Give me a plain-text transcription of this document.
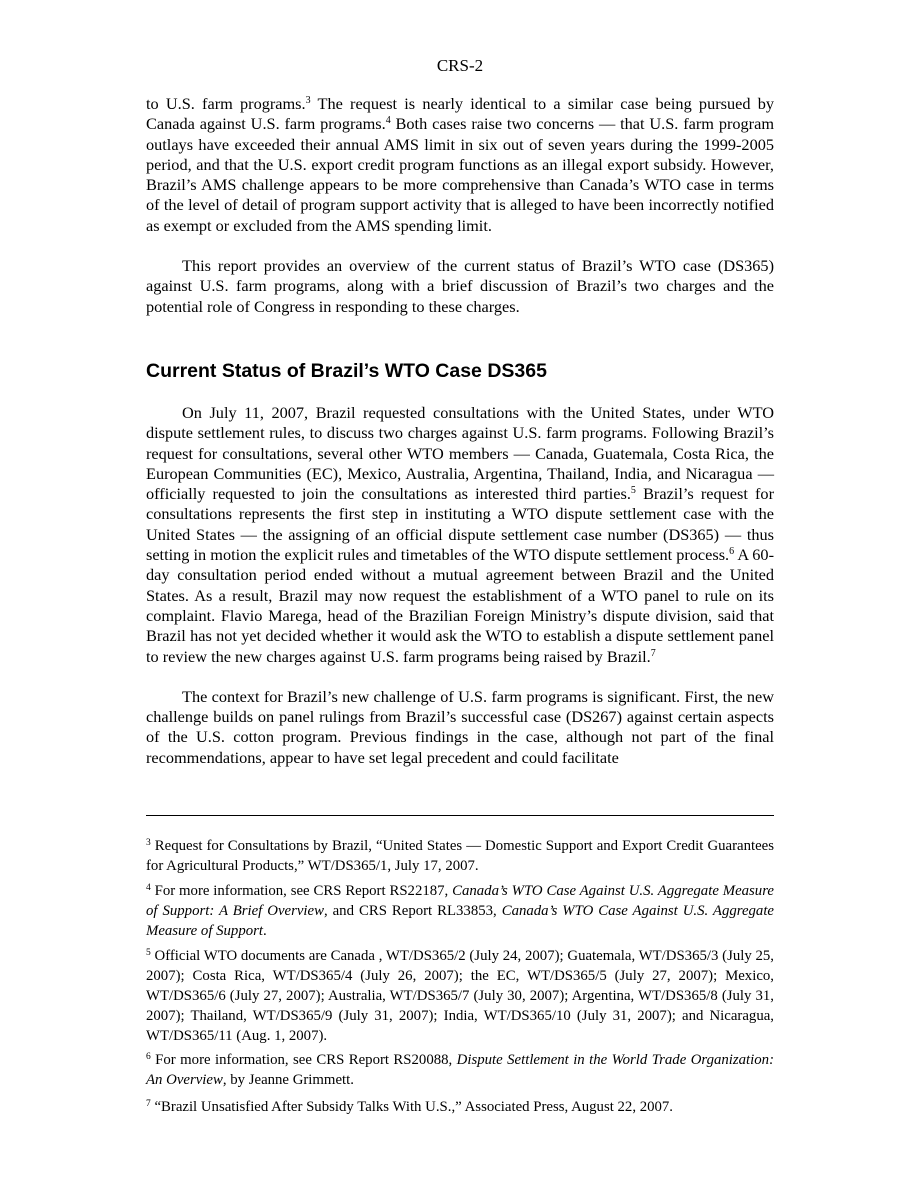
CRS-2

to U.S. farm programs.$^3$ The request is nearly identical to a similar case being pursued by Canada against U.S. farm programs.$^4$ Both cases raise two concerns — that U.S. farm program outlays have exceeded their annual AMS limit in six out of seven years during the 1999-2005 period, and that the U.S. export credit program functions as an illegal export subsidy. However, Brazil’s AMS challenge appears to be more comprehensive than Canada’s WTO case in terms of the level of detail of program support activity that is alleged to have been incorrectly notified as exempt or excluded from the AMS spending limit.

This report provides an overview of the current status of Brazil’s WTO case (DS365) against U.S. farm programs, along with a brief discussion of Brazil’s two charges and the potential role of Congress in responding to these charges.

Current Status of Brazil’s WTO Case DS365

On July 11, 2007, Brazil requested consultations with the United States, under WTO dispute settlement rules, to discuss two charges against U.S. farm programs. Following Brazil’s request for consultations, several other WTO members — Canada, Guatemala, Costa Rica, the European Communities (EC), Mexico, Australia, Argentina, Thailand, India, and Nicaragua — officially requested to join the consultations as interested third parties.$^5$ Brazil’s request for consultations represents the first step in instituting a WTO dispute settlement case with the United States — the assigning of an official dispute settlement case number (DS365) — thus setting in motion the explicit rules and timetables of the WTO dispute settlement process.$^6$ A 60-day consultation period ended without a mutual agreement between Brazil and the United States. As a result, Brazil may now request the establishment of a WTO panel to rule on its complaint. Flavio Marega, head of the Brazilian Foreign Ministry’s dispute division, said that Brazil has not yet decided whether it would ask the WTO to establish a dispute settlement panel to review the new charges against U.S. farm programs being raised by Brazil.$^7$

The context for Brazil’s new challenge of U.S. farm programs is significant. First, the new challenge builds on panel rulings from Brazil’s successful case (DS267) against certain aspects of the U.S. cotton program. Previous findings in the case, although not part of the final recommendations, appear to have set legal precedent and could facilitate

$^3$ Request for Consultations by Brazil, “United States — Domestic Support and Export Credit Guarantees for Agricultural Products,” WT/DS365/1, July 17, 2007.

$^4$ For more information, see CRS Report RS22187, Canada’s WTO Case Against U.S. Aggregate Measure of Support: A Brief Overview, and CRS Report RL33853, Canada’s WTO Case Against U.S. Aggregate Measure of Support.

$^5$ Official WTO documents are Canada , WT/DS365/2 (July 24, 2007); Guatemala, WT/DS365/3 (July 25, 2007); Costa Rica, WT/DS365/4 (July 26, 2007); the EC, WT/DS365/5 (July 27, 2007); Mexico, WT/DS365/6 (July 27, 2007); Australia, WT/DS365/7 (July 30, 2007); Argentina, WT/DS365/8 (July 31, 2007); Thailand, WT/DS365/9 (July 31, 2007); India, WT/DS365/10 (July 31, 2007); and Nicaragua, WT/DS365/11 (Aug. 1, 2007).

$^6$ For more information, see CRS Report RS20088, Dispute Settlement in the World Trade Organization: An Overview, by Jeanne Grimmett.

$^7$ “Brazil Unsatisfied After Subsidy Talks With U.S.,” Associated Press, August 22, 2007.
